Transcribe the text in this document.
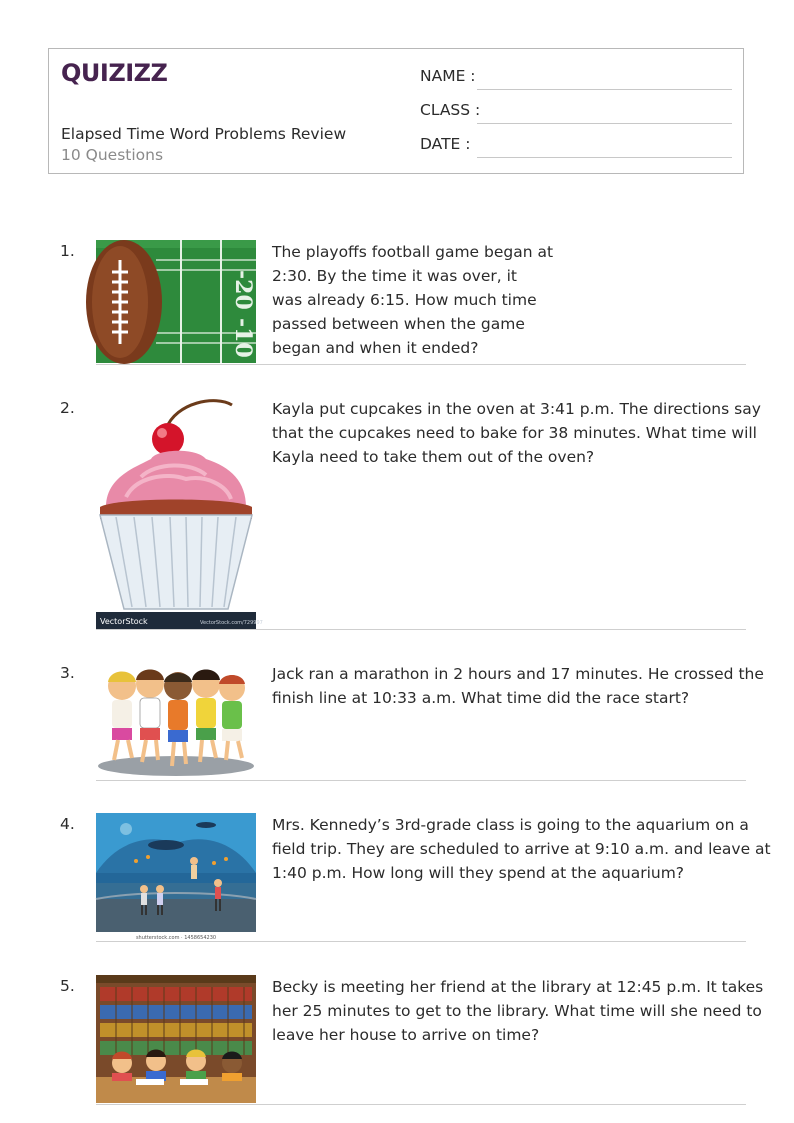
QUIZIZZ
Elapsed Time Word Problems Review
10 Questions
NAME :
CLASS :
DATE :
1.
-20
-10
The playoffs football game began at
2:30. By the time it was over, it
was already 6:15. How much time
passed between when the game
began and when it ended?
2.
VectorStock	VectorStock.com/729997
Kayla put cupcakes in the oven at 3:41 p.m. The directions say
that the cupcakes need to bake for 38 minutes. What time will
Kayla need to take them out of the oven?
3.	Jack ran a marathon in 2 hours and 17 minutes. He crossed the
finish line at 10:33 a.m. What time did the race start?
4.
shutterstock.com · 1458654230
Mrs. Kennedy’s 3rd-grade class is going to the aquarium on a
field trip. They are scheduled to arrive at 9:10 a.m. and leave at
1:40 p.m. How long will they spend at the aquarium?
5.	Becky is meeting her friend at the library at 12:45 p.m. It takes
her 25 minutes to get to the library. What time will she need to
leave her house to arrive on time?
